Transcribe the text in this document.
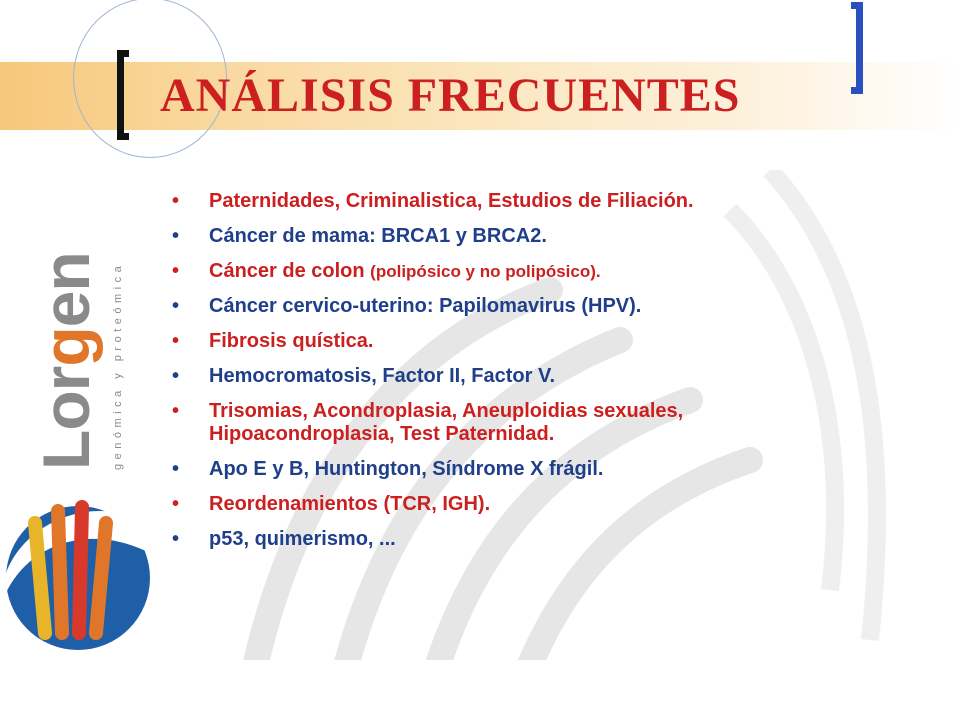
ANÁLISIS FRECUENTES
Lorgen genómica y proteómica
• Paternidades, Criminalistica, Estudios de Filiación.
• Cáncer de mama: BRCA1 y BRCA2.
• Cáncer de colon (polipósico y no polipósico).
• Cáncer cervico-uterino: Papilomavirus (HPV).
• Fibrosis quística.
• Hemocromatosis, Factor II, Factor V.
• Trisomias, Acondroplasia, Aneuploidias sexuales,
Hipoacondroplasia, Test Paternidad.
• Apo E y B, Huntington, Síndrome X frágil.
• Reordenamientos (TCR, IGH).
• p53, quimerismo, ...
